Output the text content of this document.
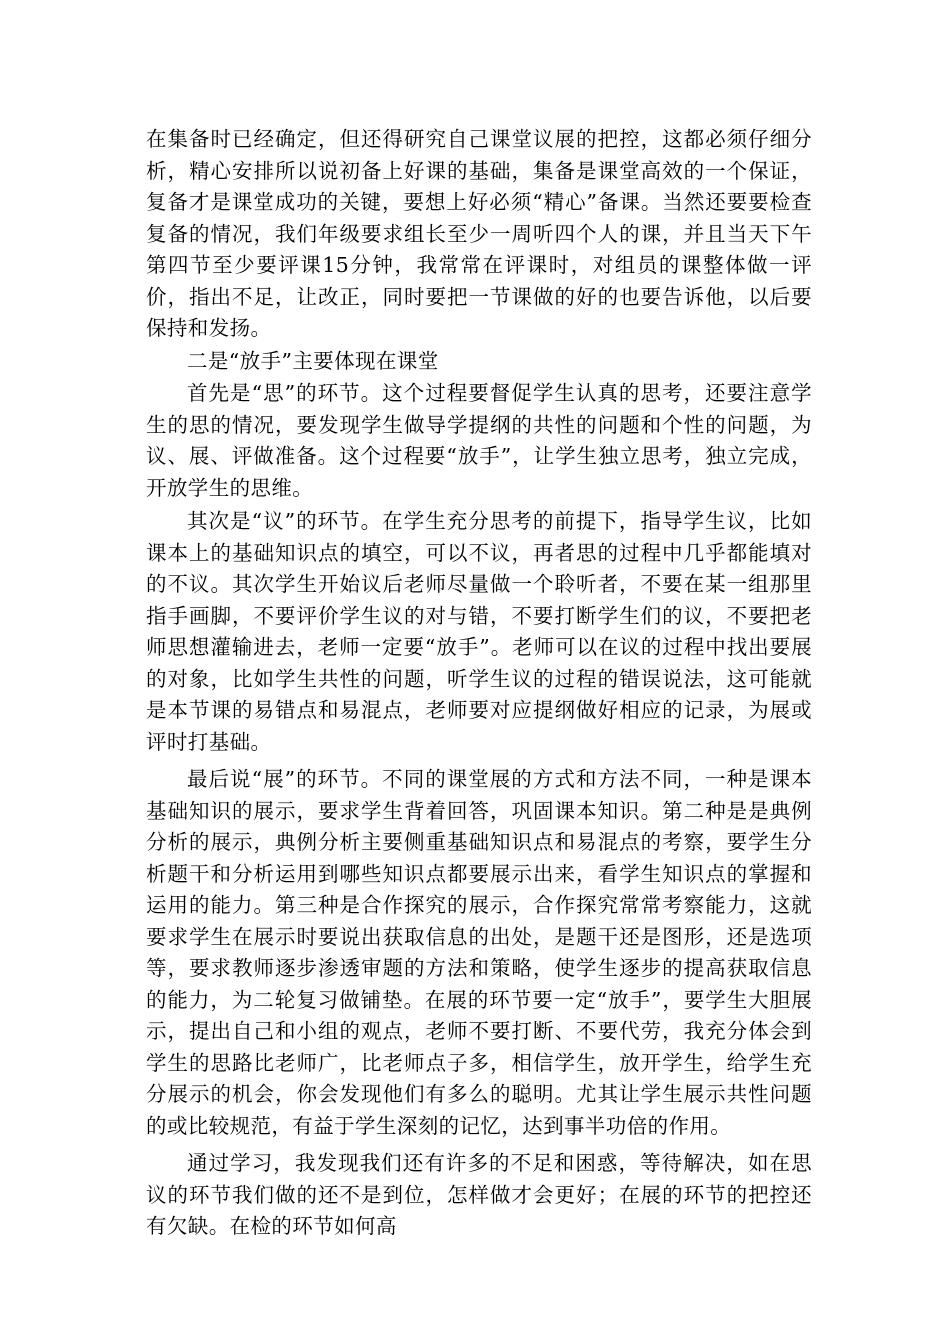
在集备时已经确定，但还得研究自己课堂议展的把控，这都必须仔细分析，精心安排所以说初备上好课的基础，集备是课堂高效的一个保证，复备才是课堂成功的关键，要想上好必须“精心”备课。当然还要要检查复备的情况，我们年级要求组长至少一周听四个人的课，并且当天下午第四节至少要评课15分钟，我常常在评课时，对组员的课整体做一评价，指出不足，让改正，同时要把一节课做的好的也要告诉他，以后要保持和发扬。

二是“放手”主要体现在课堂

首先是“思”的环节。这个过程要督促学生认真的思考，还要注意学生的思的情况，要发现学生做导学提纲的共性的问题和个性的问题，为议、展、评做准备。这个过程要“放手”，让学生独立思考，独立完成，开放学生的思维。

其次是“议”的环节。在学生充分思考的前提下，指导学生议，比如课本上的基础知识点的填空，可以不议，再者思的过程中几乎都能填对的不议。其次学生开始议后老师尽量做一个聆听者，不要在某一组那里指手画脚，不要评价学生议的对与错，不要打断学生们的议，不要把老师思想灌输进去，老师一定要“放手”。老师可以在议的过程中找出要展的对象，比如学生共性的问题，听学生议的过程的错误说法，这可能就是本节课的易错点和易混点，老师要对应提纲做好相应的记录，为展或评时打基础。

最后说“展”的环节。不同的课堂展的方式和方法不同，一种是课本基础知识的展示，要求学生背着回答，巩固课本知识。第二种是是典例分析的展示，典例分析主要侧重基础知识点和易混点的考察，要学生分析题干和分析运用到哪些知识点都要展示出来，看学生知识点的掌握和运用的能力。第三种是合作探究的展示，合作探究常常考察能力，这就要求学生在展示时要说出获取信息的出处，是题干还是图形，还是选项等，要求教师逐步渗透审题的方法和策略，使学生逐步的提高获取信息的能力，为二轮复习做铺垫。在展的环节要一定“放手”，要学生大胆展示，提出自己和小组的观点，老师不要打断、不要代劳，我充分体会到学生的思路比老师广，比老师点子多，相信学生，放开学生，给学生充分展示的机会，你会发现他们有多么的聪明。尤其让学生展示共性问题的或比较规范，有益于学生深刻的记忆，达到事半功倍的作用。

通过学习，我发现我们还有许多的不足和困惑，等待解决，如在思议的环节我们做的还不是到位，怎样做才会更好；在展的环节的把控还有欠缺。在检的环节如何高
